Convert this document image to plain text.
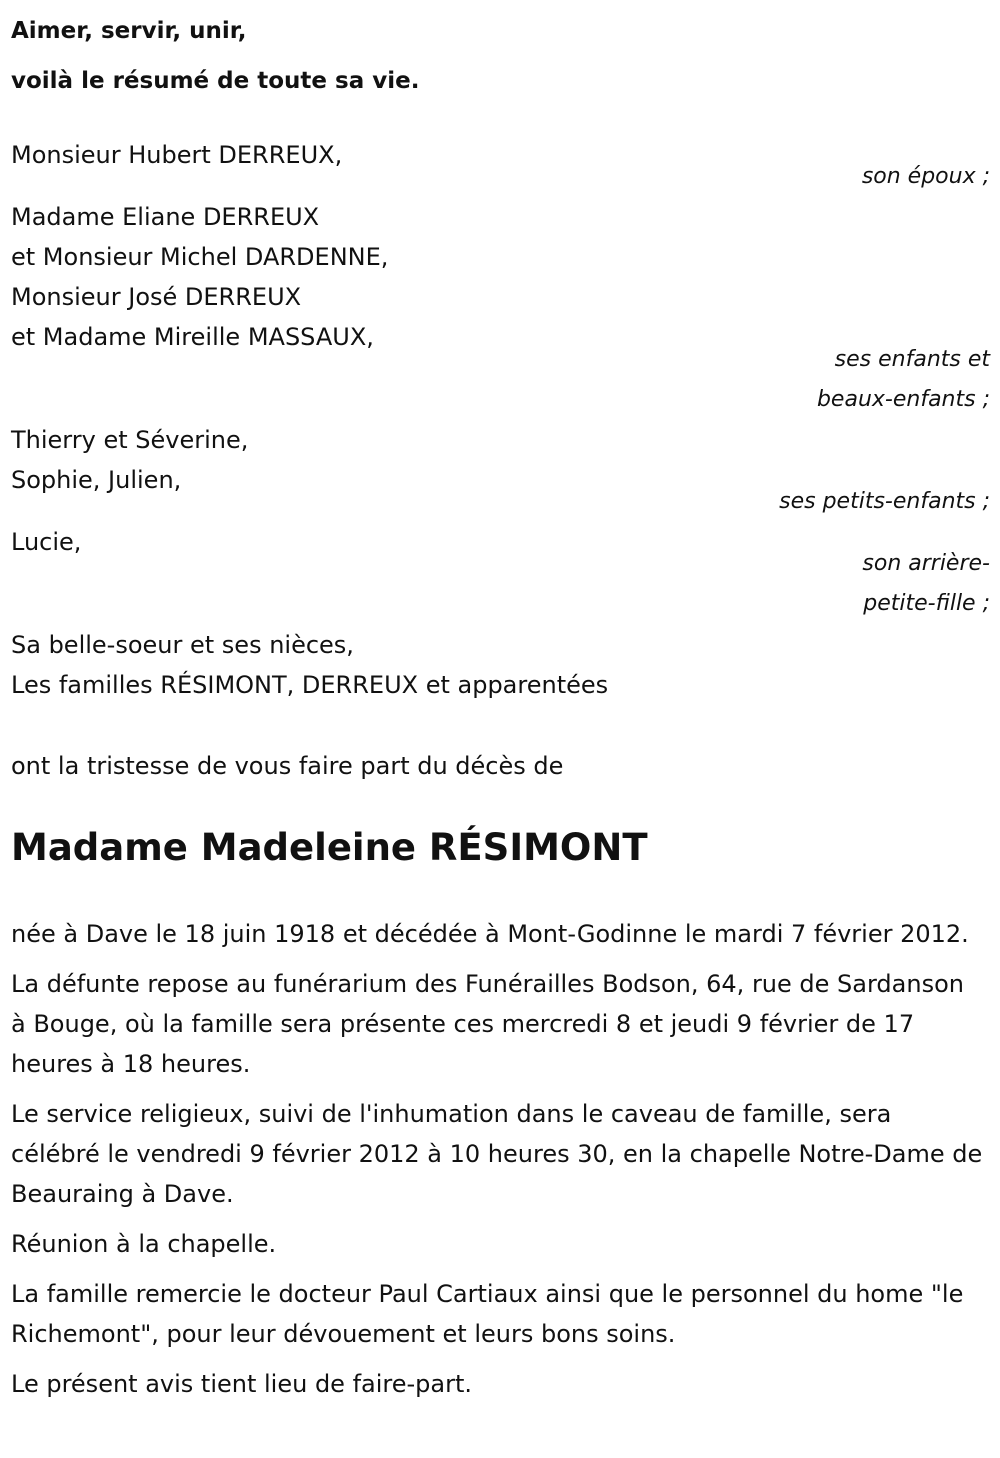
Aimer, servir, unir,
voilà le résumé de toute sa vie.
Monsieur Hubert DERREUX,
son époux ;
Madame Eliane DERREUX
et Monsieur Michel DARDENNE,
Monsieur José DERREUX
et Madame Mireille MASSAUX,
ses enfants et
beaux-enfants ;
Thierry et Séverine,
Sophie, Julien,
ses petits-enfants ;
Lucie,
son arrière-
petite-fille ;
Sa belle-soeur et ses nièces,
Les familles RÉSIMONT, DERREUX et apparentées
ont la tristesse de vous faire part du décès de
Madame Madeleine RÉSIMONT

née à Dave le 18 juin 1918 et décédée à Mont-Godinne le mardi 7 février 2012.

La défunte repose au funérarium des Funérailles Bodson, 64, rue de Sardanson à Bouge, où la famille sera présente ces mercredi 8 et jeudi 9 février de 17 heures à 18 heures.

Le service religieux, suivi de l'inhumation dans le caveau de famille, sera célébré le vendredi 9 février 2012 à 10 heures 30, en la chapelle Notre-Dame de Beauraing à Dave.

Réunion à la chapelle.

La famille remercie le docteur Paul Cartiaux ainsi que le personnel du home "le Richemont", pour leur dévouement et leurs bons soins.

Le présent avis tient lieu de faire-part.
